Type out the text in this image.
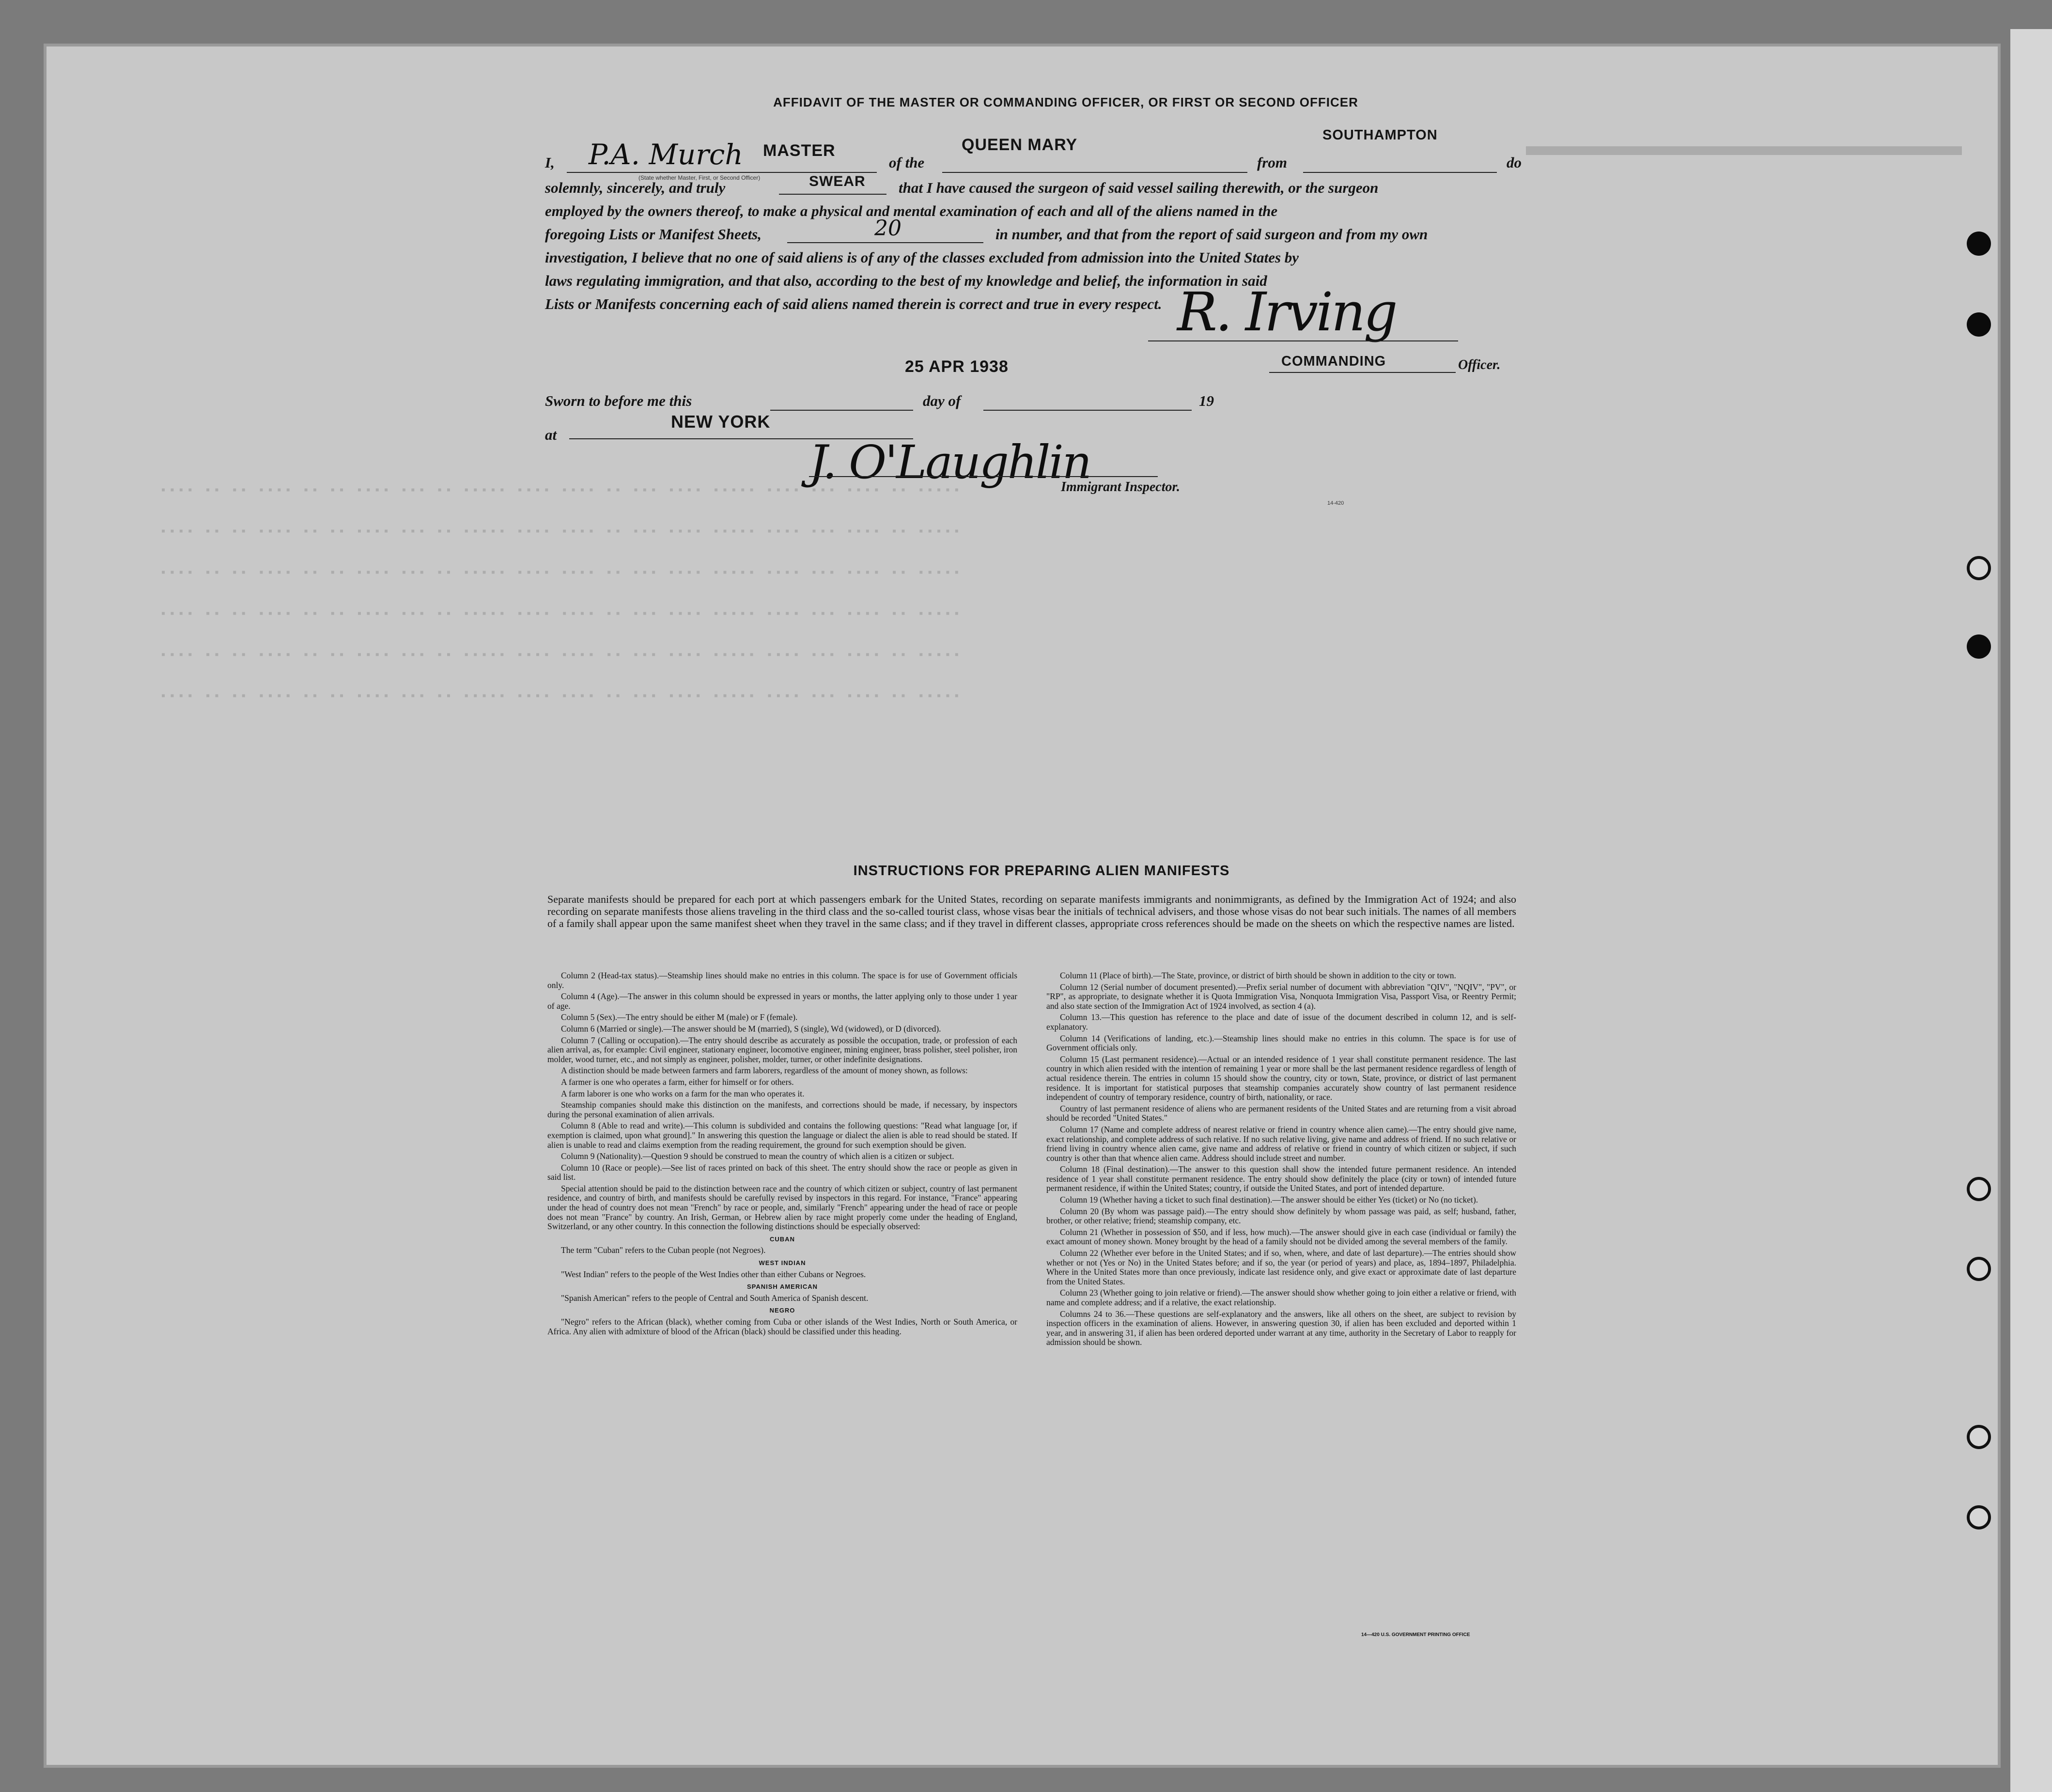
▬▬▬▬▬▬▬▬▬▬▬▬▬▬▬
▪▪▪▪ ▪▪ ▪▪ ▪▪▪▪ ▪▪ ▪▪ ▪▪▪▪ ▪▪▪ ▪▪ ▪▪▪▪▪ ▪▪▪▪ ▪▪▪▪ ▪▪ ▪▪▪ ▪▪▪▪ ▪▪▪▪▪ ▪▪▪▪ ▪▪▪ ▪▪▪▪ ▪▪ ▪▪▪▪▪
▪▪▪▪ ▪▪ ▪▪ ▪▪▪▪ ▪▪ ▪▪ ▪▪▪▪ ▪▪▪ ▪▪ ▪▪▪▪▪ ▪▪▪▪ ▪▪▪▪ ▪▪ ▪▪▪ ▪▪▪▪ ▪▪▪▪▪ ▪▪▪▪ ▪▪▪ ▪▪▪▪ ▪▪ ▪▪▪▪▪
▪▪▪▪ ▪▪ ▪▪ ▪▪▪▪ ▪▪ ▪▪ ▪▪▪▪ ▪▪▪ ▪▪ ▪▪▪▪▪ ▪▪▪▪ ▪▪▪▪ ▪▪ ▪▪▪ ▪▪▪▪ ▪▪▪▪▪ ▪▪▪▪ ▪▪▪ ▪▪▪▪ ▪▪ ▪▪▪▪▪
▪▪▪▪ ▪▪ ▪▪ ▪▪▪▪ ▪▪ ▪▪ ▪▪▪▪ ▪▪▪ ▪▪ ▪▪▪▪▪ ▪▪▪▪ ▪▪▪▪ ▪▪ ▪▪▪ ▪▪▪▪ ▪▪▪▪▪ ▪▪▪▪ ▪▪▪ ▪▪▪▪ ▪▪ ▪▪▪▪▪
▪▪▪▪ ▪▪ ▪▪ ▪▪▪▪ ▪▪ ▪▪ ▪▪▪▪ ▪▪▪ ▪▪ ▪▪▪▪▪ ▪▪▪▪ ▪▪▪▪ ▪▪ ▪▪▪ ▪▪▪▪ ▪▪▪▪▪ ▪▪▪▪ ▪▪▪ ▪▪▪▪ ▪▪ ▪▪▪▪▪
▪▪▪▪ ▪▪ ▪▪ ▪▪▪▪ ▪▪ ▪▪ ▪▪▪▪ ▪▪▪ ▪▪ ▪▪▪▪▪ ▪▪▪▪ ▪▪▪▪ ▪▪ ▪▪▪ ▪▪▪▪ ▪▪▪▪▪ ▪▪▪▪ ▪▪▪ ▪▪▪▪ ▪▪ ▪▪▪▪▪
AFFIDAVIT OF THE MASTER OR COMMANDING OFFICER, OR FIRST OR SECOND OFFICER
I, P.A. Murch MASTER
(State whether Master, First, or Second Officer)
of the
QUEEN MARY
from
SOUTHAMPTON
do
solemnly, sincerely, and truly	SWEAR that I have caused the surgeon of said vessel sailing therewith, or the surgeon
employed by the owners thereof, to make a physical and mental examination of each and all of the aliens named in the
foregoing Lists or Manifest Sheets,	20	in number, and that from the report of said surgeon and from my own
investigation, I believe that no one of said aliens is of any of the classes excluded from admission into the United States by
laws regulating immigration, and that also, according to the best of my knowledge and belief, the information in said
Lists or Manifests concerning each of said aliens named therein is correct and true in every respect. R. Irving
COMMANDING	Officer.
25 APR 1938
Sworn to before me this	day of	19
at
NEW YORK
J. O'Laughlin
Immigrant Inspector.
14-420
INSTRUCTIONS FOR PREPARING ALIEN MANIFESTS
Separate manifests should be prepared for each port at which passengers embark for the United States, recording on separate manifests immigrants and nonimmigrants, as defined by the Immigration Act of 1924; and also recording on separate manifests those aliens traveling in the third class and the so-called tourist class, whose visas bear the initials of technical advisers, and those whose visas do not bear such initials. The names of all members of a family shall appear upon the same manifest sheet when they travel in the same class; and if they travel in different classes, appropriate cross references should be made on the sheets on which the respective names are listed.

Column 2 (Head-tax status).—Steamship lines should make no entries in this column. The space is for use of Government officials only.

Column 4 (Age).—The answer in this column should be expressed in years or months, the latter applying only to those under 1 year of age.

Column 5 (Sex).—The entry should be either M (male) or F (female).

Column 6 (Married or single).—The answer should be M (married), S (single), Wd (widowed), or D (divorced).

Column 7 (Calling or occupation).—The entry should describe as accurately as possible the occupation, trade, or profession of each alien arrival, as, for example: Civil engineer, stationary engineer, locomotive engineer, mining engineer, brass polisher, steel polisher, iron molder, wood turner, etc., and not simply as engineer, polisher, molder, turner, or other indefinite designations.

A distinction should be made between farmers and farm laborers, regardless of the amount of money shown, as follows:

A farmer is one who operates a farm, either for himself or for others.

A farm laborer is one who works on a farm for the man who operates it.

Steamship companies should make this distinction on the manifests, and corrections should be made, if necessary, by inspectors during the personal examination of alien arrivals.

Column 8 (Able to read and write).—This column is subdivided and contains the following questions: "Read what language [or, if exemption is claimed, upon what ground]." In answering this question the language or dialect the alien is able to read should be stated. If alien is unable to read and claims exemption from the reading requirement, the ground for such exemption should be given.

Column 9 (Nationality).—Question 9 should be construed to mean the country of which alien is a citizen or subject.

Column 10 (Race or people).—See list of races printed on back of this sheet. The entry should show the race or people as given in said list.

Special attention should be paid to the distinction between race and the country of which citizen or subject, country of last permanent residence, and country of birth, and manifests should be carefully revised by inspectors in this regard. For instance, "France" appearing under the head of country does not mean "French" by race or people, and, similarly "French" appearing under the head of race or people does not mean "France" by country. An Irish, German, or Hebrew alien by race might properly come under the heading of England, Switzerland, or any other country. In this connection the following distinctions should be especially observed:

CUBAN

The term "Cuban" refers to the Cuban people (not Negroes).

WEST INDIAN

"West Indian" refers to the people of the West Indies other than either Cubans or Negroes.

SPANISH AMERICAN

"Spanish American" refers to the people of Central and South America of Spanish descent.

NEGRO

"Negro" refers to the African (black), whether coming from Cuba or other islands of the West Indies, North or South America, or Africa. Any alien with admixture of blood of the African (black) should be classified under this heading.

Column 11 (Place of birth).—The State, province, or district of birth should be shown in addition to the city or town.

Column 12 (Serial number of document presented).—Prefix serial number of document with abbreviation "QIV", "NQIV", "PV", or "RP", as appropriate, to designate whether it is Quota Immigration Visa, Nonquota Immigration Visa, Passport Visa, or Reentry Permit; and also state section of the Immigration Act of 1924 involved, as section 4 (a).

Column 13.—This question has reference to the place and date of issue of the document described in column 12, and is self-explanatory.

Column 14 (Verifications of landing, etc.).—Steamship lines should make no entries in this column. The space is for use of Government officials only.

Column 15 (Last permanent residence).—Actual or an intended residence of 1 year shall constitute permanent residence. The last country in which alien resided with the intention of remaining 1 year or more shall be the last permanent residence regardless of length of actual residence therein. The entries in column 15 should show the country, city or town, State, province, or district of last permanent residence. It is important for statistical purposes that steamship companies accurately show country of last permanent residence independent of country of temporary residence, country of birth, nationality, or race.

Country of last permanent residence of aliens who are permanent residents of the United States and are returning from a visit abroad should be recorded "United States."

Column 17 (Name and complete address of nearest relative or friend in country whence alien came).—The entry should give name, exact relationship, and complete address of such relative. If no such relative living, give name and address of friend. If no such relative or friend living in country whence alien came, give name and address of relative or friend in country of which citizen or subject, if such country is other than that whence alien came. Address should include street and number.

Column 18 (Final destination).—The answer to this question shall show the intended future permanent residence. An intended residence of 1 year shall constitute permanent residence. The entry should show definitely the place (city or town) of intended future permanent residence, if within the United States; country, if outside the United States, and port of intended departure.

Column 19 (Whether having a ticket to such final destination).—The answer should be either Yes (ticket) or No (no ticket).

Column 20 (By whom was passage paid).—The entry should show definitely by whom passage was paid, as self; husband, father, brother, or other relative; friend; steamship company, etc.

Column 21 (Whether in possession of $50, and if less, how much).—The answer should give in each case (individual or family) the exact amount of money shown. Money brought by the head of a family should not be divided among the several members of the family.

Column 22 (Whether ever before in the United States; and if so, when, where, and date of last departure).—The entries should show whether or not (Yes or No) in the United States before; and if so, the year (or period of years) and place, as, 1894–1897, Philadelphia. Where in the United States more than once previously, indicate last residence only, and give exact or approximate date of last departure from the United States.

Column 23 (Whether going to join relative or friend).—The answer should show whether going to join either a relative or friend, with name and complete address; and if a relative, the exact relationship.

Columns 24 to 36.—These questions are self-explanatory and the answers, like all others on the sheet, are subject to revision by inspection officers in the examination of aliens. However, in answering question 30, if alien has been excluded and deported within 1 year, and in answering 31, if alien has been ordered deported under warrant at any time, authority in the Secretary of Labor to reapply for admission should be shown.

14—420 U.S. GOVERNMENT PRINTING OFFICE
